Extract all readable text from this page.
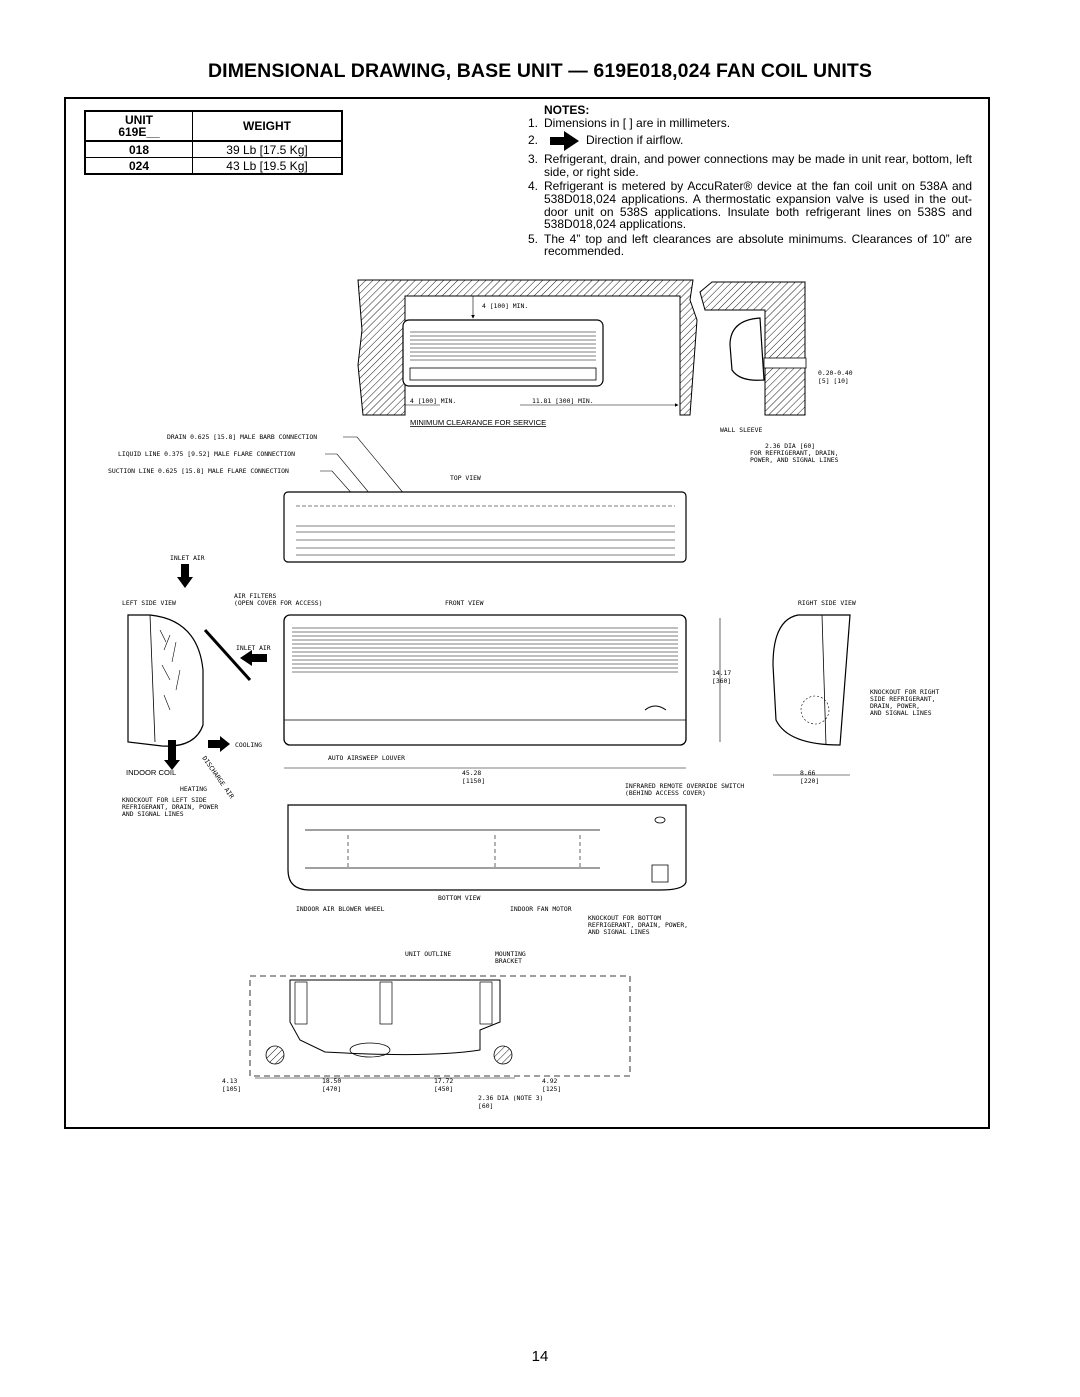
DIMENSIONAL DRAWING, BASE UNIT — 619E018,024 FAN COIL UNITS
UNIT
619E__	WEIGHT
018	39 Lb [17.5 Kg]
024	43 Lb [19.5 Kg]
NOTES:
1. Dimensions in [ ] are in millimeters.
2.	Direction if airflow.
3. Refrigerant, drain, and power connections may be made in unit rear, bottom, left side, or right side.
4. Refrigerant is metered by AccuRater® device at the fan coil unit on 538A and 538D018,024 applications. A thermostatic expansion valve is used in the out-door unit on 538S applications. Insulate both refrigerant lines on 538S and 538D018,024 applications.
5. The 4” top and left clearances are absolute minimums. Clearances of 10” are recommended.
4 [100] MIN.
4 [100] MIN.	11.81 [300] MIN.
MINIMUM CLEARANCE FOR SERVICE
0.20-0.40
[5] [10]
WALL SLEEVE
2.36 DIA [60]
FOR REFRIGERANT, DRAIN,
POWER, AND SIGNAL LINES
DRAIN 0.625 [15.8] MALE BARB CONNECTION
LIQUID LINE 0.375 [9.52] MALE FLARE CONNECTION
SUCTION LINE 0.625 [15.8] MALE FLARE CONNECTION
TOP VIEW
INLET AIR
LEFT SIDE VIEW
AIR FILTERS
(OPEN COVER FOR ACCESS)
INLET AIR
FRONT VIEW
14.17
[360]
RIGHT SIDE VIEW
KNOCKOUT FOR RIGHT
SIDE REFRIGERANT,
DRAIN, POWER,
AND SIGNAL LINES
COOLING
INDOOR COIL	DISCHARGE AIR
HEATING
AUTO AIRSWEEP LOUVER
45.28
[1150]
INFRARED REMOTE OVERRIDE SWITCH
(BEHIND ACCESS COVER)
8.66
[220]
KNOCKOUT FOR LEFT SIDE
REFRIGERANT, DRAIN, POWER
AND SIGNAL LINES
BOTTOM VIEW
INDOOR AIR BLOWER WHEEL	INDOOR FAN MOTOR
KNOCKOUT FOR BOTTOM
REFRIGERANT, DRAIN, POWER,
AND SIGNAL LINES
UNIT OUTLINE	MOUNTING
BRACKET
4.13
[105]
18.50
[470]
17.72
[450]
4.92
[125]
2.36 DIA (NOTE 3)
[60]
14
